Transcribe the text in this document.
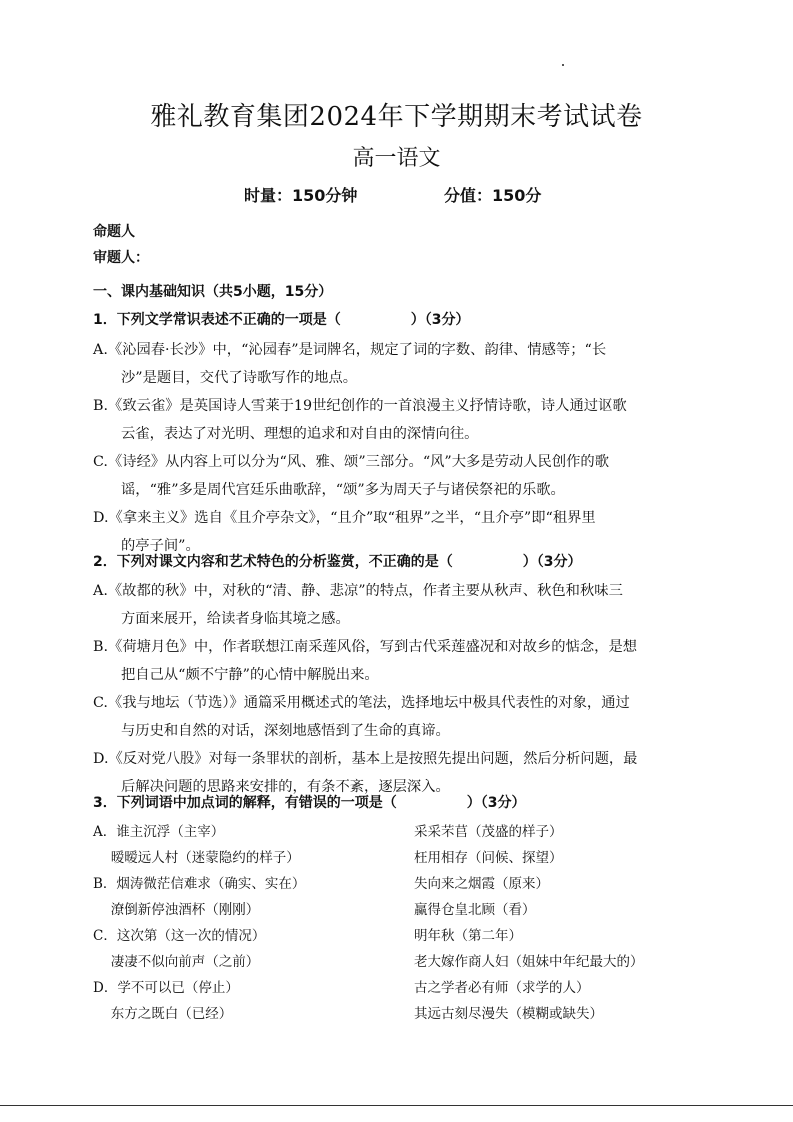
雅礼教育集团2024年下学期期末考试试卷
高一语文
时量：150分钟	分值：150分
命题人
审题人：
一、课内基础知识（共5小题，15分）
1．下列文学常识表述不正确的一项是（　　　　　）（3分）
A.《沁园春·长沙》中，“沁园春”是词牌名，规定了词的字数、韵律、情感等；“长
沙”是题目，交代了诗歌写作的地点。
B.《致云雀》是英国诗人雪莱于19世纪创作的一首浪漫主义抒情诗歌，诗人通过讴歌
云雀，表达了对光明、理想的追求和对自由的深情向往。
C.《诗经》从内容上可以分为“风、雅、颂”三部分。“风”大多是劳动人民创作的歌
谣，“雅”多是周代宫廷乐曲歌辞，“颂”多为周天子与诸侯祭祀的乐歌。
D.《拿来主义》选自《且介亭杂文》，“且介”取“租界”之半，“且介亭”即“租界里
的亭子间”。
2．下列对课文内容和艺术特色的分析鉴赏，不正确的是（　　　　　）（3分）
A.《故都的秋》中，对秋的“清、静、悲凉”的特点，作者主要从秋声、秋色和秋味三
方面来展开，给读者身临其境之感。
B.《荷塘月色》中，作者联想江南采莲风俗，写到古代采莲盛况和对故乡的惦念，是想
把自己从“颇不宁静”的心情中解脱出来。
C.《我与地坛（节选）》通篇采用概述式的笔法，选择地坛中极具代表性的对象，通过
与历史和自然的对话，深刻地感悟到了生命的真谛。
D.《反对党八股》对每一条罪状的剖析，基本上是按照先提出问题，然后分析问题，最
后解决问题的思路来安排的，有条不紊，逐层深入。
3．下列词语中加点词的解释，有错误的一项是（　　　　　）（3分）
A．谁主沉浮（主宰）	采采芣苢（茂盛的样子）
　 暧暧远人村（迷蒙隐约的样子）	枉用相存（问候、探望）
B．烟涛微茫信难求（确实、实在）	失向来之烟霞（原来）
　 潦倒新停浊酒杯（刚刚）	赢得仓皇北顾（看）
C．这次第（这一次的情况）	明年秋（第二年）
　 凄凄不似向前声（之前）	老大嫁作商人妇（姐妹中年纪最大的）
D．学不可以已（停止）	古之学者必有师（求学的人）
　 东方之既白（已经）	其远古刻尽漫失（模糊或缺失）
